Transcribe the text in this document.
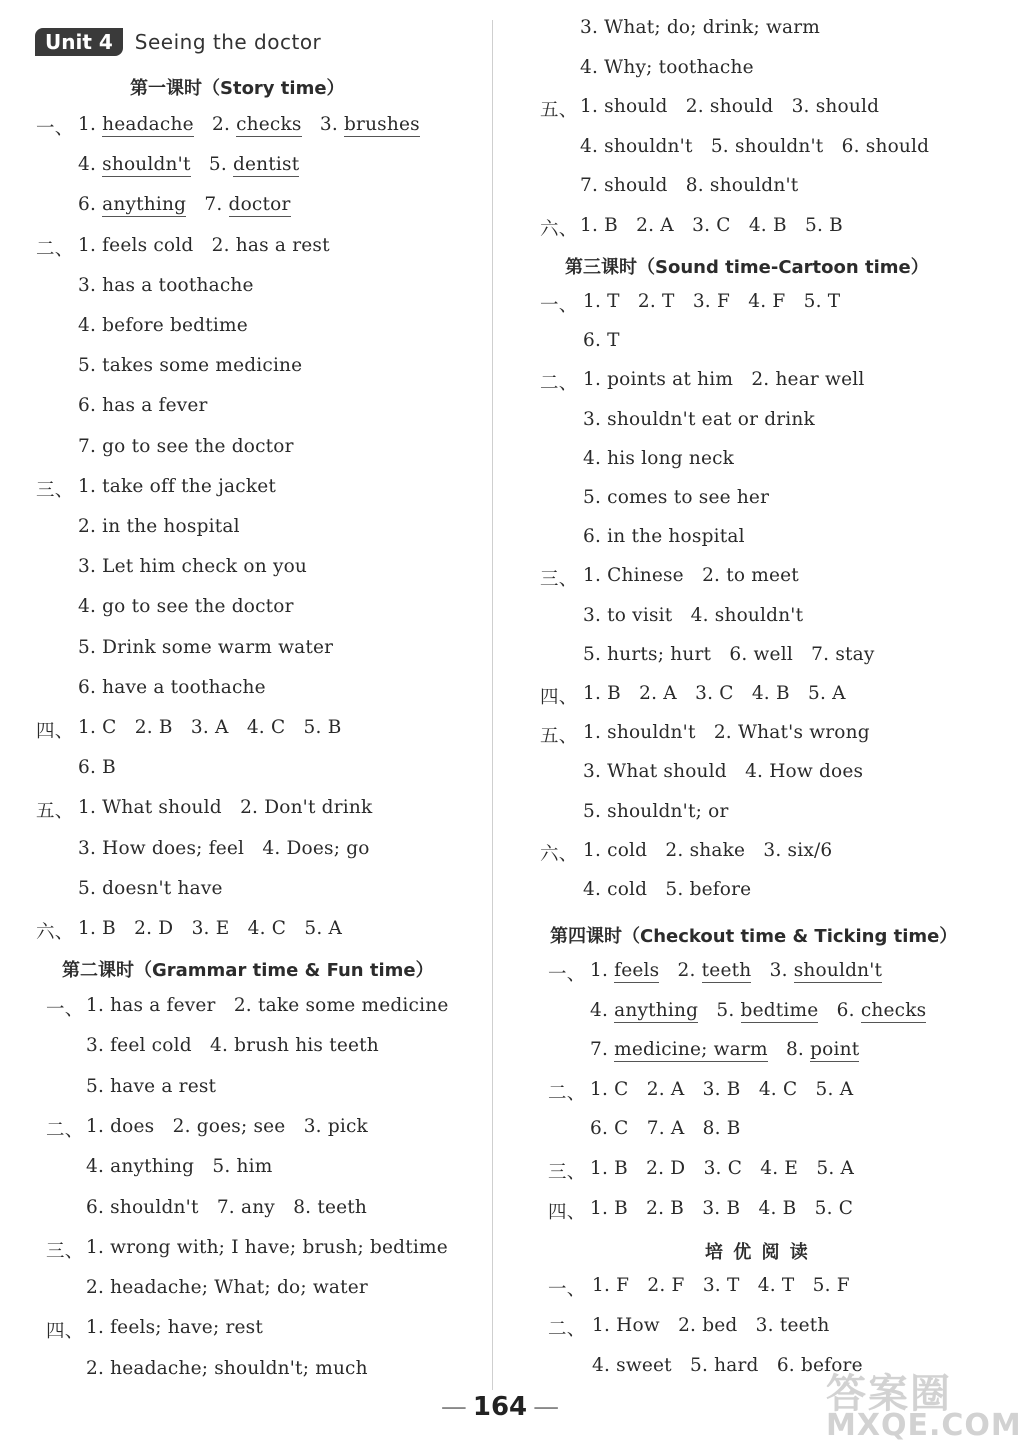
Unit 4	Seeing the doctor
第一课时（Story time）
一、 1. headache   2. checks   3. brushes
4. shouldn't   5. dentist
6. anything   7. doctor
二、 1. feels cold   2. has a rest
3. has a toothache
4. before bedtime
5. takes some medicine
6. has a fever
7. go to see the doctor
三、 1. take off the jacket
2. in the hospital
3. Let him check on you
4. go to see the doctor
5. Drink some warm water
6. have a toothache
四、 1. C   2. B   3. A   4. C   5. B
6. B
五、 1. What should   2. Don't drink
3. How does; feel   4. Does; go
5. doesn't have
六、 1. B   2. D   3. E   4. C   5. A
第二课时（Grammar time & Fun time）
一、 1. has a fever   2. take some medicine
3. feel cold   4. brush his teeth
5. have a rest
二、 1. does   2. goes; see   3. pick
4. anything   5. him
6. shouldn't   7. any   8. teeth
三、 1. wrong with; I have; brush; bedtime
2. headache; What; do; water
四、 1. feels; have; rest
2. headache; shouldn't; much
3. What; do; drink; warm
4. Why; toothache
五、 1. should   2. should   3. should
4. shouldn't   5. shouldn't   6. should
7. should   8. shouldn't
六、 1. B   2. A   3. C   4. B   5. B
第三课时（Sound time-Cartoon time）
一、 1. T   2. T   3. F   4. F   5. T
6. T
二、 1. points at him   2. hear well
3. shouldn't eat or drink
4. his long neck
5. comes to see her
6. in the hospital
三、 1. Chinese   2. to meet
3. to visit   4. shouldn't
5. hurts; hurt   6. well   7. stay
四、 1. B   2. A   3. C   4. B   5. A
五、 1. shouldn't   2. What's wrong
3. What should   4. How does
5. shouldn't; or
六、 1. cold   2. shake   3. six/6
4. cold   5. before
第四课时（Checkout time & Ticking time）
一、 1. feels   2. teeth   3. shouldn't
4. anything   5. bedtime   6. checks
7. medicine; warm   8. point
二、 1. C   2. A   3. B   4. C   5. A
6. C   7. A   8. B
三、 1. B   2. D   3. C   4. E   5. A
四、 1. B   2. B   3. B   4. B   5. C
培 优 阅 读
一、 1. F   2. F   3. T   4. T   5. F
二、 1. How   2. bed   3. teeth
4. sweet   5. hard   6. before
— 164 —	答案圈
MXQE.COM
